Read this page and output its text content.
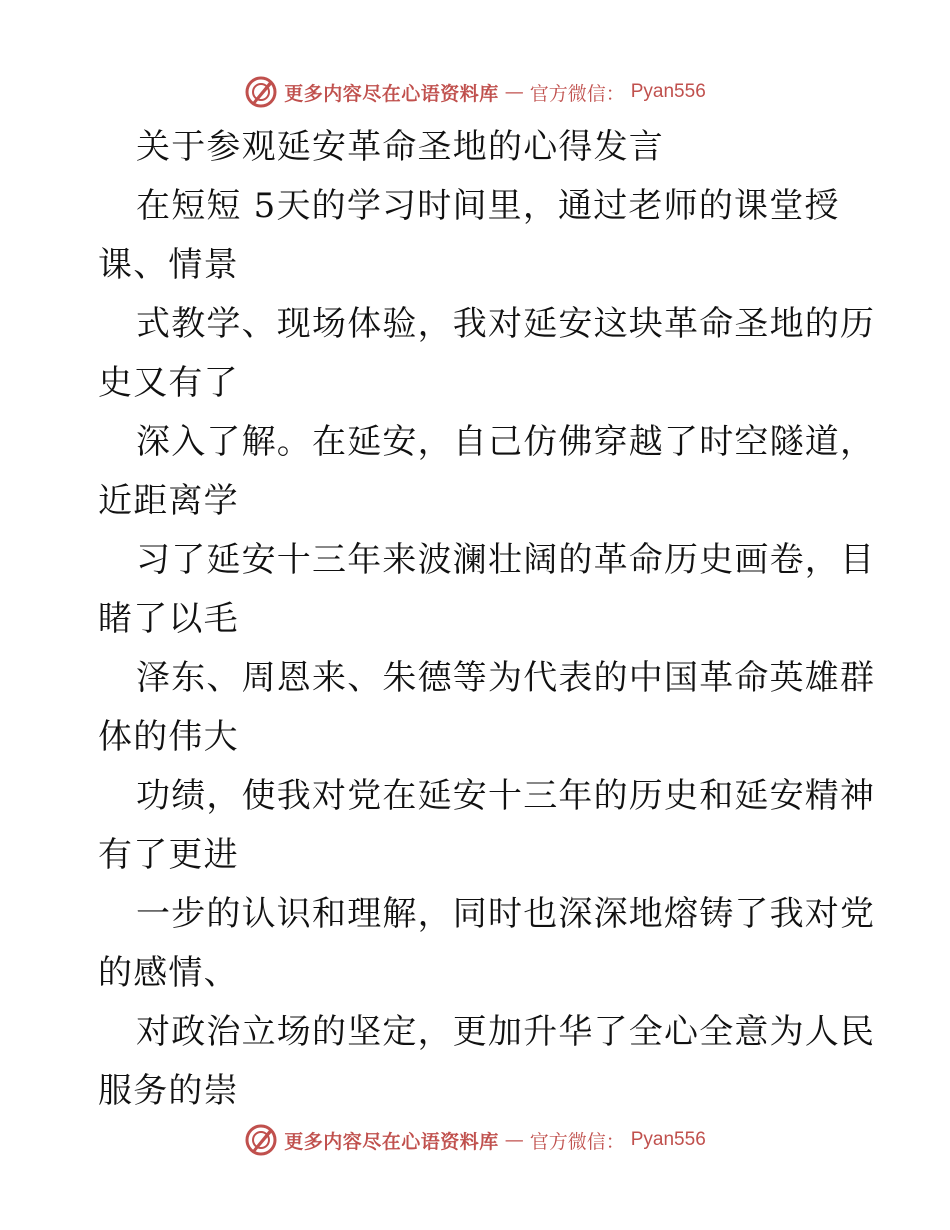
更多内容尽在心语资料库 — 官方微信： Pyan556
关于参观延安革命圣地的心得发言
在短短 5天的学习时间里，通过老师的课堂授
课、情景
式教学、现场体验，我对延安这块革命圣地的历
史又有了
深入了解。在延安，自己仿佛穿越了时空隧道，
近距离学
习了延安十三年来波澜壮阔的革命历史画卷，目
睹了以毛
泽东、周恩来、朱德等为代表的中国革命英雄群
体的伟大
功绩，使我对党在延安十三年的历史和延安精神
有了更进
一步的认识和理解，同时也深深地熔铸了我对党
的感情、
对政治立场的坚定，更加升华了全心全意为人民
服务的崇
更多内容尽在心语资料库 — 官方微信： Pyan556
